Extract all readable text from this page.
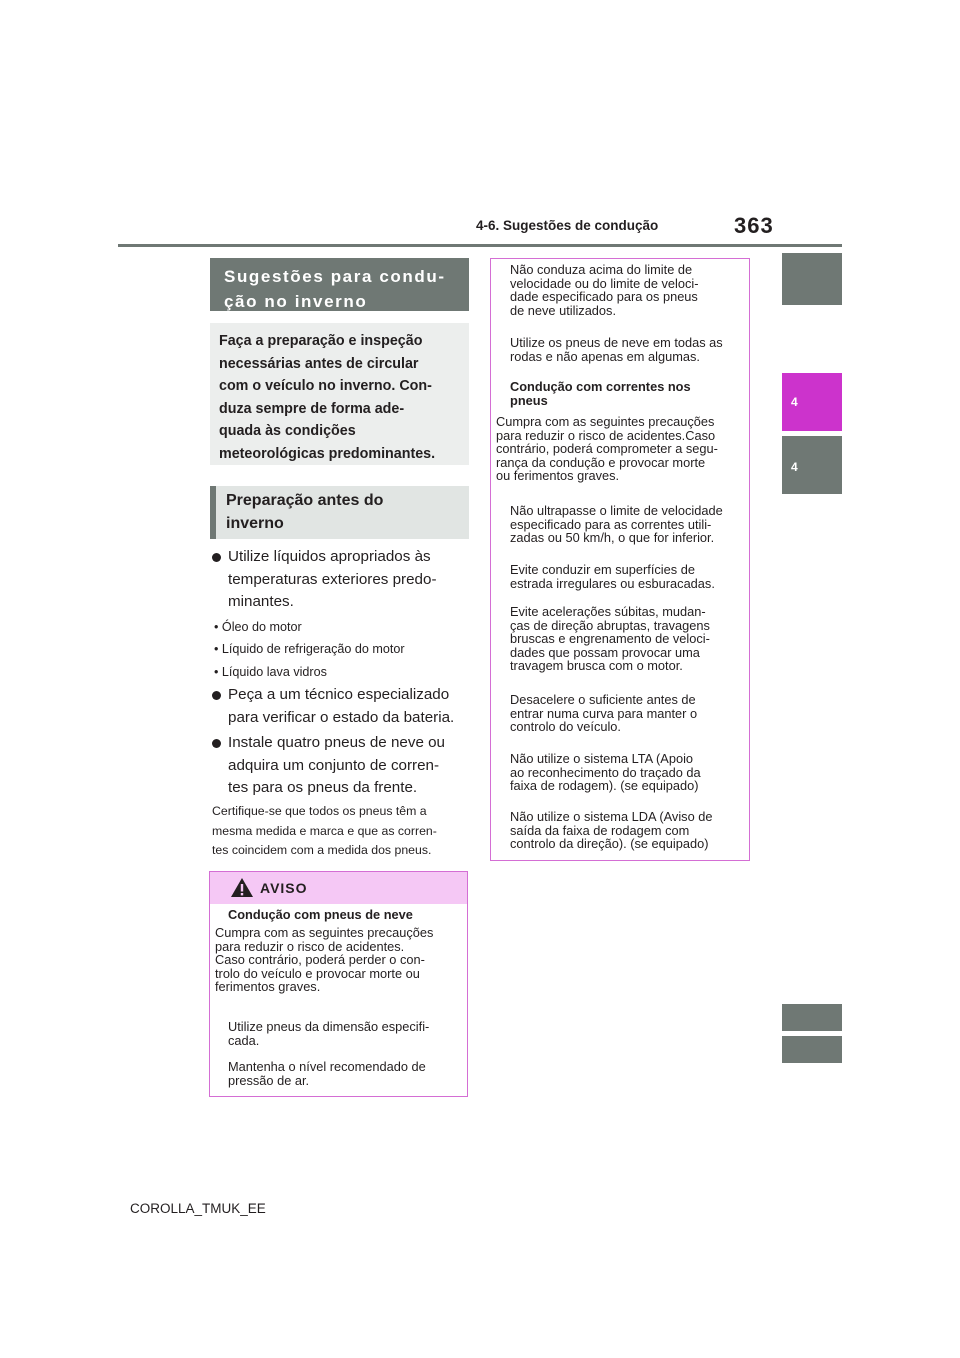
4-6. Sugestões de condução	363
4
4
Sugestões para condu-
ção no inverno
Faça a preparação e inspeção
necessárias antes de circular
com o veículo no inverno. Con-
duza sempre de forma ade-
quada às condições
meteorológicas predominantes.
Preparação antes do
inverno
Utilize líquidos apropriados às
temperaturas exteriores predo-
minantes.
• Óleo do motor
• Líquido de refrigeração do motor
• Líquido lava vidros
Peça a um técnico especializado
para verificar o estado da bateria.
Instale quatro pneus de neve ou
adquira um conjunto de corren-
tes para os pneus da frente.
Certifique-se que todos os pneus têm a
mesma medida e marca e que as corren-
tes coincidem com a medida dos pneus.
AVISO
Condução com pneus de neve
Cumpra com as seguintes precauções
para reduzir o risco de acidentes.
Caso contrário, poderá perder o con-
trolo do veículo e provocar morte ou
ferimentos graves.
Utilize pneus da dimensão especifi-
cada.
Mantenha o nível recomendado de
pressão de ar.
Não conduza acima do limite de
velocidade ou do limite de veloci-
dade especificado para os pneus
de neve utilizados.
Utilize os pneus de neve em todas as
rodas e não apenas em algumas.
Condução com correntes nos
pneus
Cumpra com as seguintes precauções
para reduzir o risco de acidentes.Caso
contrário, poderá comprometer a segu-
rança da condução e provocar morte
ou ferimentos graves.
Não ultrapasse o limite de velocidade
especificado para as correntes utili-
zadas ou 50 km/h, o que for inferior.
Evite conduzir em superfícies de
estrada irregulares ou esburacadas.
Evite acelerações súbitas, mudan-
ças de direção abruptas, travagens
bruscas e engrenamento de veloci-
dades que possam provocar uma
travagem brusca com o motor.
Desacelere o suficiente antes de
entrar numa curva para manter o
controlo do veículo.
Não utilize o sistema LTA (Apoio
ao reconhecimento do traçado da
faixa de rodagem). (se equipado)
Não utilize o sistema LDA (Aviso de
saída da faixa de rodagem com
controlo da direção). (se equipado)
COROLLA_TMUK_EE
